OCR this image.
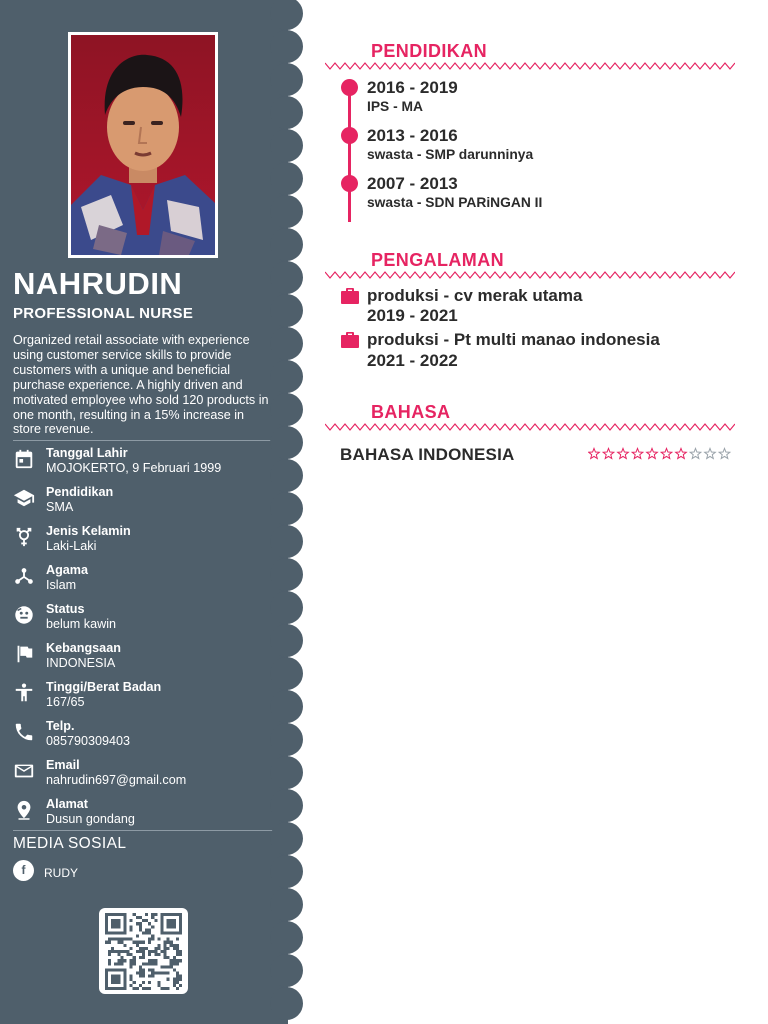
NAHRUDIN
PROFESSIONAL NURSE

Organized retail associate with experience using customer service skills to provide customers with a unique and beneficial purchase experience. A highly driven and motivated employee who sold 120 products in one month, resulting in a 15% increase in store revenue.

Tanggal Lahir
MOJOKERTO, 9 Februari 1999
Pendidikan
SMA
Jenis Kelamin
Laki-Laki
Agama
Islam
Status
belum kawin
Kebangsaan
INDONESIA
Tinggi/Berat Badan
167/65
Telp.
085790309403
Email
nahrudin697@gmail.com
Alamat
Dusun gondang
MEDIA SOSIAL
f	RUDY
PENDIDIKAN
2016 - 2019
IPS - MA
2013 - 2016
swasta - SMP darunninya
2007 - 2013
swasta - SDN PARiNGAN II
PENGALAMAN
produksi - cv merak utama
2019 - 2021
produksi - Pt multi manao indonesia
2021 - 2022
BAHASA
BAHASA INDONESIA
